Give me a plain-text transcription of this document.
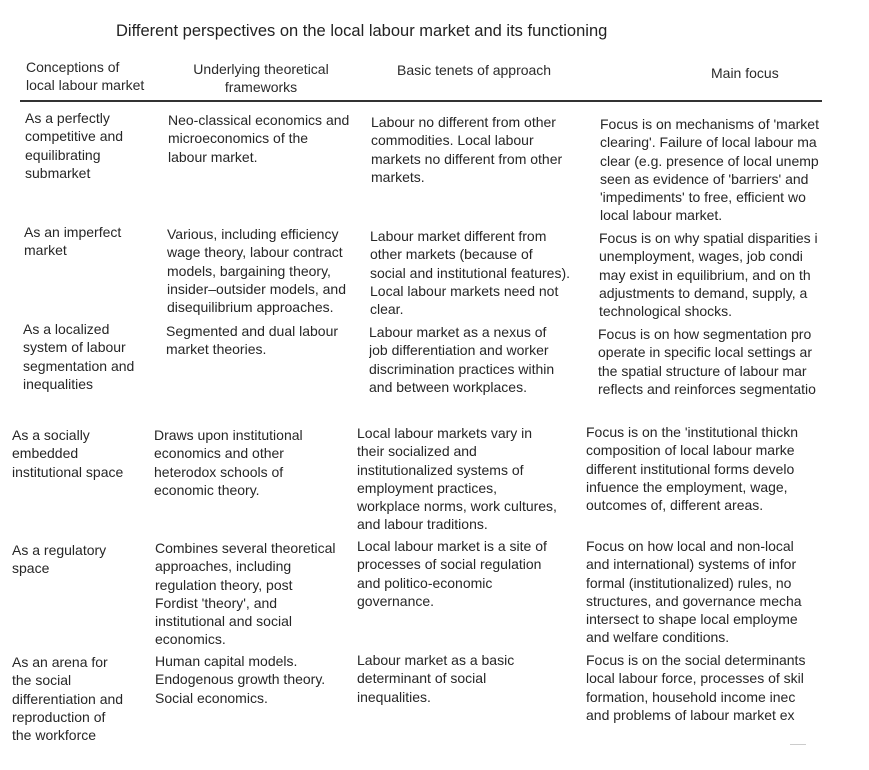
Different perspectives on the local labour market and its functioning
Conceptions of
local labour market
Underlying theoretical
frameworks
Basic tenets of approach	Main focus
As a perfectly
competitive and
equilibrating
submarket
Neo-classical economics and
microeconomics of the
labour market.
Labour no different from other
commodities. Local labour
markets no different from other
markets.
Focus is on mechanisms of 'market
clearing'. Failure of local labour ma
clear (e.g. presence of local unemp
seen as evidence of 'barriers' and
'impediments' to free, efficient wo
local labour market.
As an imperfect
market
Various, including efficiency
wage theory, labour contract
models, bargaining theory,
insider–outsider models, and
disequilibrium approaches.
Labour market different from
other markets (because of
social and institutional features).
Local labour markets need not
clear.
Focus is on why spatial disparities i
unemployment, wages, job condi
may exist in equilibrium, and on th
adjustments to demand, supply, a
technological shocks.
As a localized
system of labour
segmentation and
inequalities
Segmented and dual labour
market theories.
Labour market as a nexus of
job differentiation and worker
discrimination practices within
and between workplaces.
Focus is on how segmentation pro
operate in specific local settings ar
the spatial structure of labour mar
reflects and reinforces segmentatio
As a socially
embedded
institutional space
Draws upon institutional
economics and other
heterodox schools of
economic theory.
Local labour markets vary in
their socialized and
institutionalized systems of
employment practices,
workplace norms, work cultures,
and labour traditions.
Focus is on the 'institutional thickn
composition of local labour marke
different institutional forms develo
infuence the employment, wage,
outcomes of, different areas.
As a regulatory
space
Combines several theoretical
approaches, including
regulation theory, post
Fordist 'theory', and
institutional and social
economics.
Local labour market is a site of
processes of social regulation
and politico-economic
governance.
Focus on how local and non-local
and international) systems of infor
formal (institutionalized) rules, no
structures, and governance mecha
intersect to shape local employme
and welfare conditions.
As an arena for
the social
differentiation and
reproduction of
the workforce
Human capital models.
Endogenous growth theory.
Social economics.
Labour market as a basic
determinant of social
inequalities.
Focus is on the social determinants
local labour force, processes of skil
formation, household income inec
and problems of labour market ex
